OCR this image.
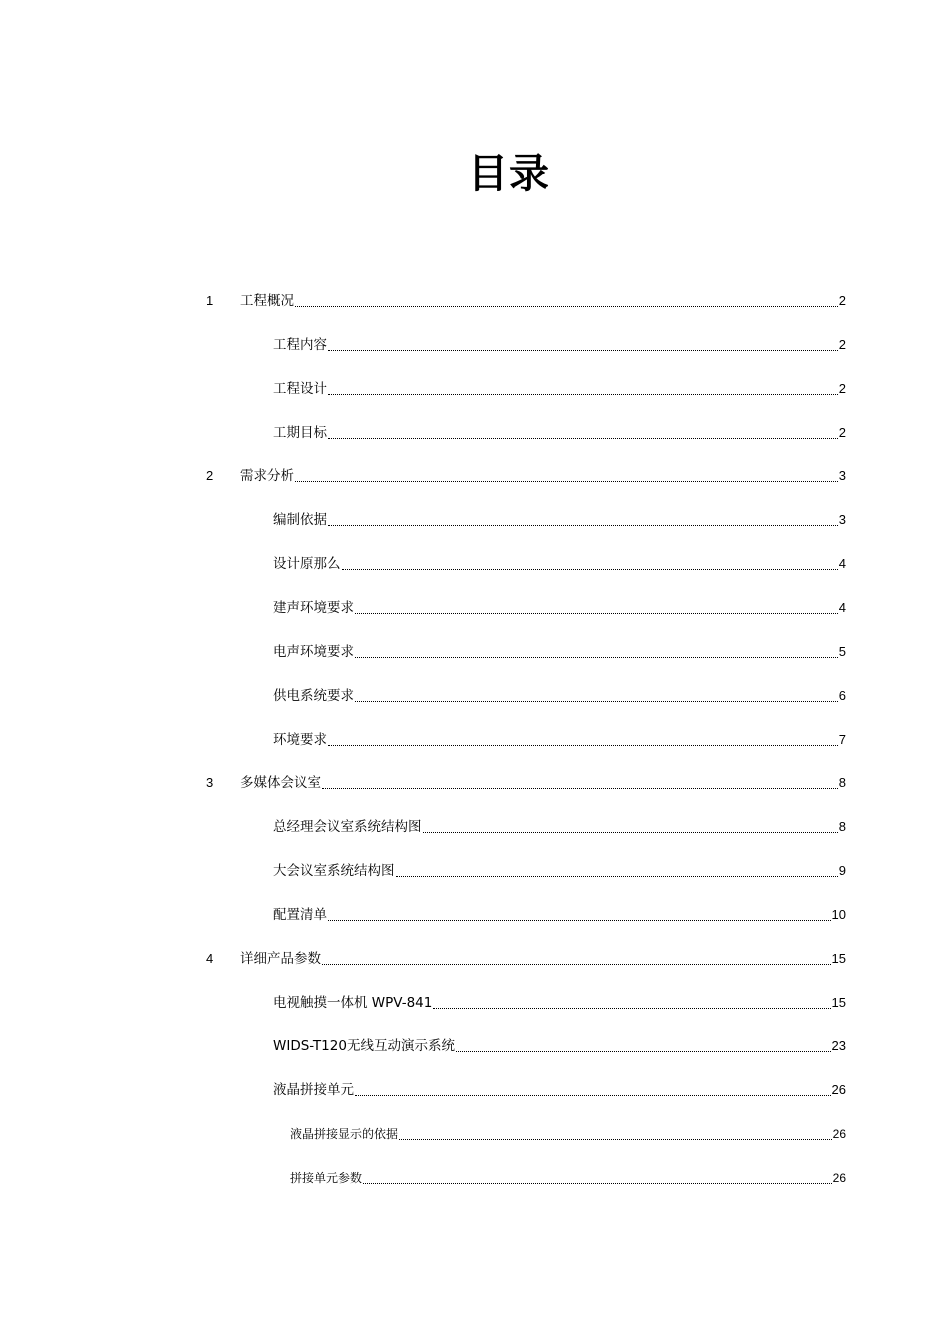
目录
1	工程概况	2
工程内容	2
工程设计	2
工期目标	2
2	需求分析	3
编制依据	3
设计原那么	4
建声环境要求	4
电声环境要求	5
供电系统要求	6
环境要求	7
3	多媒体会议室	8
总经理会议室系统结构图	8
大会议室系统结构图	9
配置清单	10
4	详细产品参数	15
电视触摸一体机 WPV-841	15
WIDS-T120无线互动演示系统	23
液晶拼接单元	26
液晶拼接显示的依据	26
拼接单元参数	26
